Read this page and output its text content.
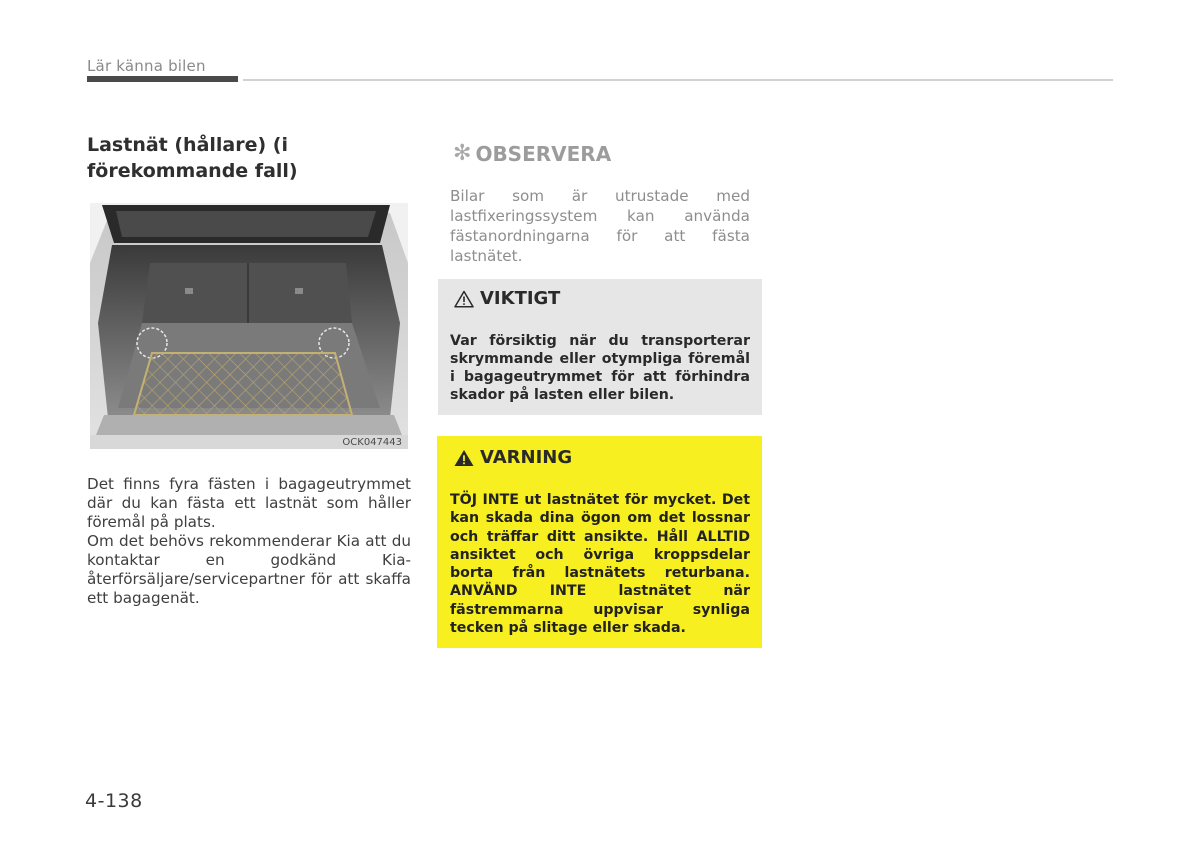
Lär känna bilen
Lastnät (hållare) (i förekommande fall)
OCK047443

Det finns fyra fästen i bagageutrymmet där du kan fästa ett lastnät som håller föremål på plats.

Om det behövs rekommenderar Kia att du kontaktar en godkänd Kia-återförsäljare/servicepartner för att skaffa ett bagagenät.

✻ OBSERVERA
Bilar som är utrustade med lastfixeringssystem kan använda fästanordningarna för att fästa lastnätet.
VIKTIGT
Var försiktig när du transporterar skrymmande eller otympliga föremål i bagageutrymmet för att förhindra skador på lasten eller bilen.
VARNING
TÖJ INTE ut lastnätet för mycket. Det kan skada dina ögon om det lossnar och träffar ditt ansikte. Håll ALLTID ansiktet och övriga kroppsdelar borta från lastnätets returbana. ANVÄND INTE lastnätet när fästremmarna uppvisar synliga tecken på slitage eller skada.
4-138
